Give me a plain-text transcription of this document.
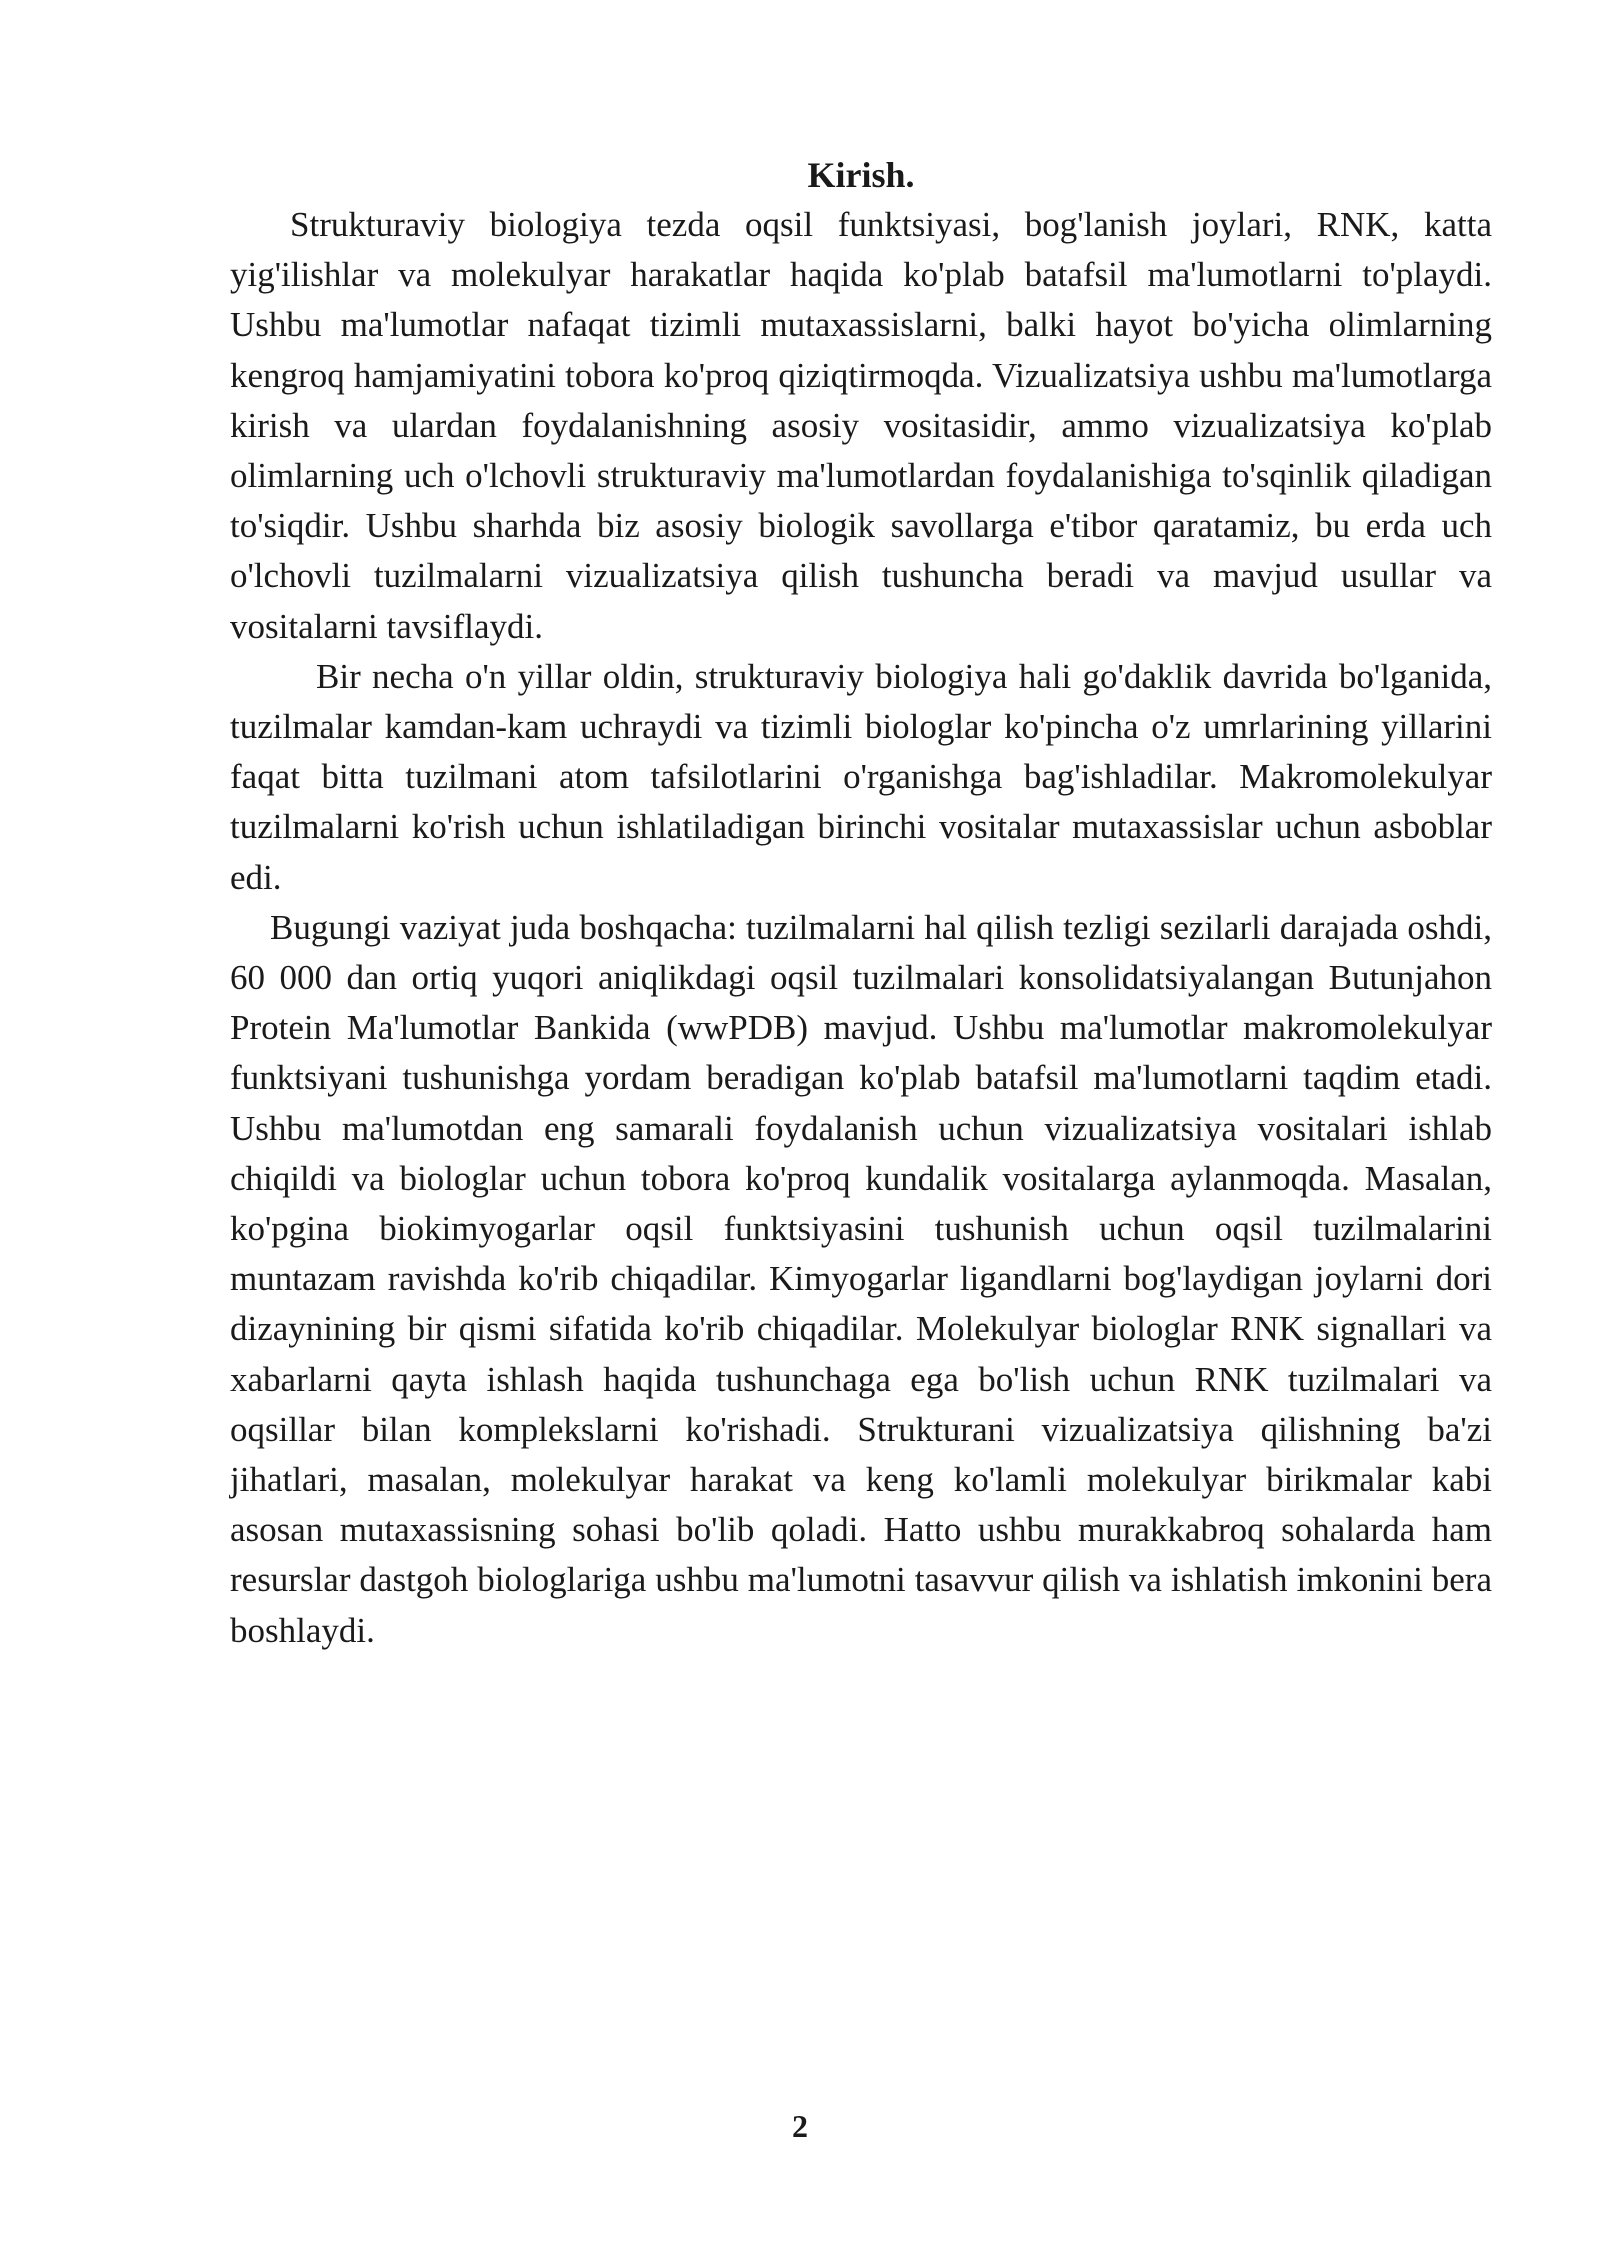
Kirish.

Strukturaviy biologiya tezda oqsil funktsiyasi, bog'lanish joylari, RNK, katta yig'ilishlar va molekulyar harakatlar haqida ko'plab batafsil ma'lumotlarni to'playdi. Ushbu ma'lumotlar nafaqat tizimli mutaxassislarni, balki hayot bo'yicha olimlarning kengroq hamjamiyatini tobora ko'proq qiziqtirmoqda. Vizualizatsiya ushbu ma'lumotlarga kirish va ulardan foydalanishning asosiy vositasidir, ammo vizualizatsiya ko'plab olimlarning uch o'lchovli strukturaviy ma'lumotlardan foydalanishiga to'sqinlik qiladigan to'siqdir. Ushbu sharhda biz asosiy biologik savollarga e'tibor qaratamiz, bu erda uch o'lchovli tuzilmalarni vizualizatsiya qilish tushuncha beradi va mavjud usullar va vositalarni tavsiflaydi.

Bir necha o'n yillar oldin, strukturaviy biologiya hali go'daklik davrida bo'lganida, tuzilmalar kamdan-kam uchraydi va tizimli biologlar ko'pincha o'z umrlarining yillarini faqat bitta tuzilmani atom tafsilotlarini o'rganishga bag'ishladilar. Makromolekulyar tuzilmalarni ko'rish uchun ishlatiladigan birinchi vositalar mutaxassislar uchun asboblar edi.

Bugungi vaziyat juda boshqacha: tuzilmalarni hal qilish tezligi sezilarli darajada oshdi, 60 000 dan ortiq yuqori aniqlikdagi oqsil tuzilmalari konsolidatsiyalangan Butunjahon Protein Ma'lumotlar Bankida (wwPDB) mavjud. Ushbu ma'lumotlar makromolekulyar funktsiyani tushunishga yordam beradigan ko'plab batafsil ma'lumotlarni taqdim etadi. Ushbu ma'lumotdan eng samarali foydalanish uchun vizualizatsiya vositalari ishlab chiqildi va biologlar uchun tobora ko'proq kundalik vositalarga aylanmoqda. Masalan, ko'pgina biokimyogarlar oqsil funktsiyasini tushunish uchun oqsil tuzilmalarini muntazam ravishda ko'rib chiqadilar. Kimyogarlar ligandlarni bog'laydigan joylarni dori dizaynining bir qismi sifatida ko'rib chiqadilar. Molekulyar biologlar RNK signallari va xabarlarni qayta ishlash haqida tushunchaga ega bo'lish uchun RNK tuzilmalari va oqsillar bilan komplekslarni ko'rishadi. Strukturani vizualizatsiya qilishning ba'zi jihatlari, masalan, molekulyar harakat va keng ko'lamli molekulyar birikmalar kabi asosan mutaxassisning sohasi bo'lib qoladi. Hatto ushbu murakkabroq sohalarda ham resurslar dastgoh biologlariga ushbu ma'lumotni tasavvur qilish va ishlatish imkonini bera boshlaydi.

2
